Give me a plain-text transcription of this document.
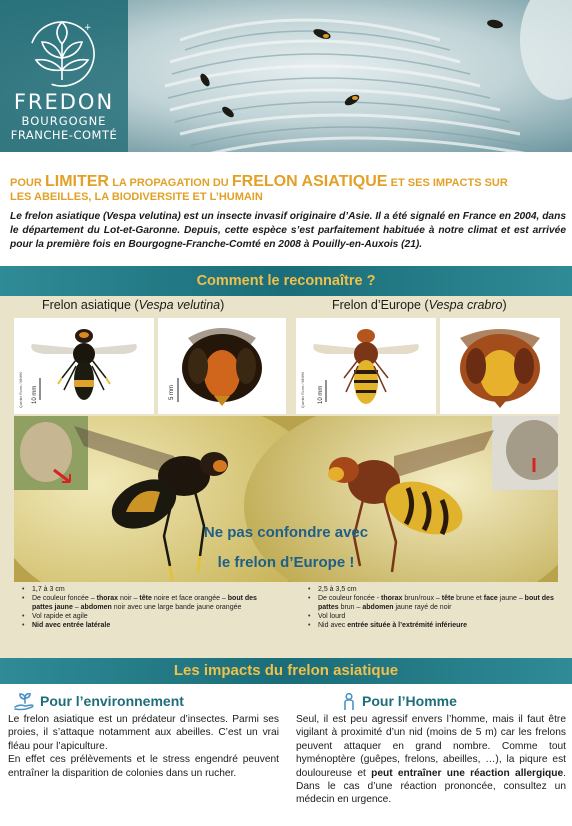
+
FREDON
BOURGOGNE
FRANCHE-COMTÉ
POUR LIMITER LA PROPAGATION DU FRELON ASIATIQUE ET SES IMPACTS SUR
LES ABEILLES, LA BIODIVERSITE ET L’HUMAIN
Le frelon asiatique (Vespa velutina) est un insecte invasif originaire d’Asie. Il a été signalé en France en 2004, dans le département du Lot-et-Garonne. Depuis, cette espèce s’est parfaitement habituée à notre climat et est arrivée pour la première fois en Bourgogne-Franche-Comté en 2008 à Pouilly-en-Auxois (21).
Comment le reconnaître ?
Frelon asiatique (Vespa velutina)	Frelon d’Europe (Vespa crabro)
10 mm
Quentin Rome / MNHN	5 mm	10 mm
Quentin Rome / MNHN
Ne pas confondre avec
le frelon d’Europe !
• 1,7 à 3 cm
• De couleur foncée – thorax noir – tête noire et face orangée – bout des pattes jaune – abdomen noir avec une large bande jaune orangée
• Vol rapide et agile
• Nid avec entrée latérale
• 2,5 à 3,5 cm
• De couleur foncée - thorax brun/roux – tête brune et face jaune – bout des pattes brun – abdomen jaune rayé de noir
• Vol lourd
• Nid avec entrée située à l’extrémité inférieure
Les impacts du frelon asiatique
Pour l’environnement	Pour l’Homme

Le frelon asiatique est un prédateur d’insectes. Parmi ses proies, il s’attaque notamment aux abeilles. C’est un vrai fléau pour l’apiculture.

En effet ces prélèvements et le stress engendré peuvent entraîner la disparition de colonies dans un rucher.

Seul, il est peu agressif envers l’homme, mais il faut être vigilant à proximité d’un nid (moins de 5 m) car les frelons peuvent attaquer en grand nombre. Comme tout hyménoptère (guêpes, frelons, abeilles, …), la piqure est douloureuse et peut entraîner une réaction allergique. Dans le cas d’une réaction prononcée, consultez un médecin en urgence.
